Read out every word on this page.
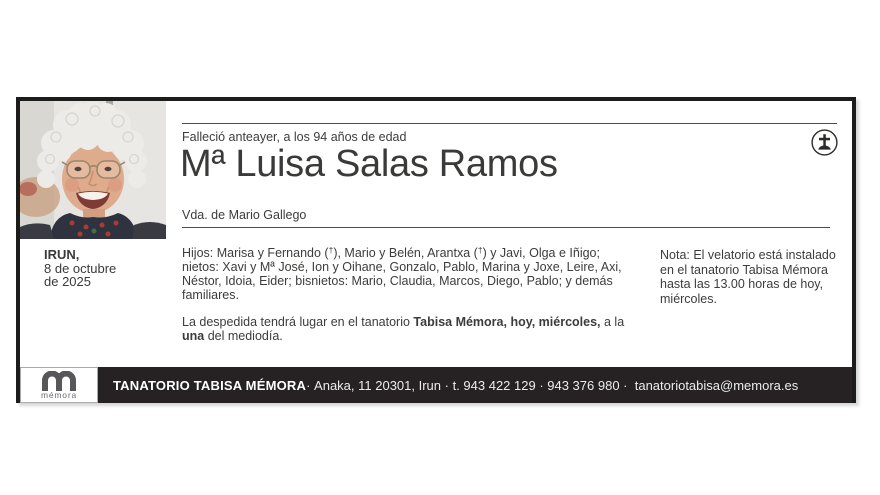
IRUN,
8 de octubre
de 2025
Falleció anteayer, a los 94 años de edad
Mª Luisa Salas Ramos
Vda. de Mario Gallego

Hijos: Marisa y Fernando (†), Mario y Belén, Arantxa (†) y Javi, Olga e Iñigo; nietos: Xavi y Mª José, Ion y Oihane, Gonzalo, Pablo, Marina y Joxe, Leire, Axi, Néstor, Idoia, Eider; bisnietos: Mario, Claudia, Marcos, Diego, Pablo; y demás familiares.

La despedida tendrá lugar en el tanatorio Tabisa Mémora, hoy, miércoles, a la una del mediodía.

Nota: El velatorio está instalado en el tanatorio Tabisa Mémora hasta las 13.00 horas de hoy, miércoles.
mémora
TANATORIO TABISA MÉMORA · Anaka, 11 20301, Irun · t. 943 422 129 · 943 376 980 · tanatoriotabisa@memora.es
